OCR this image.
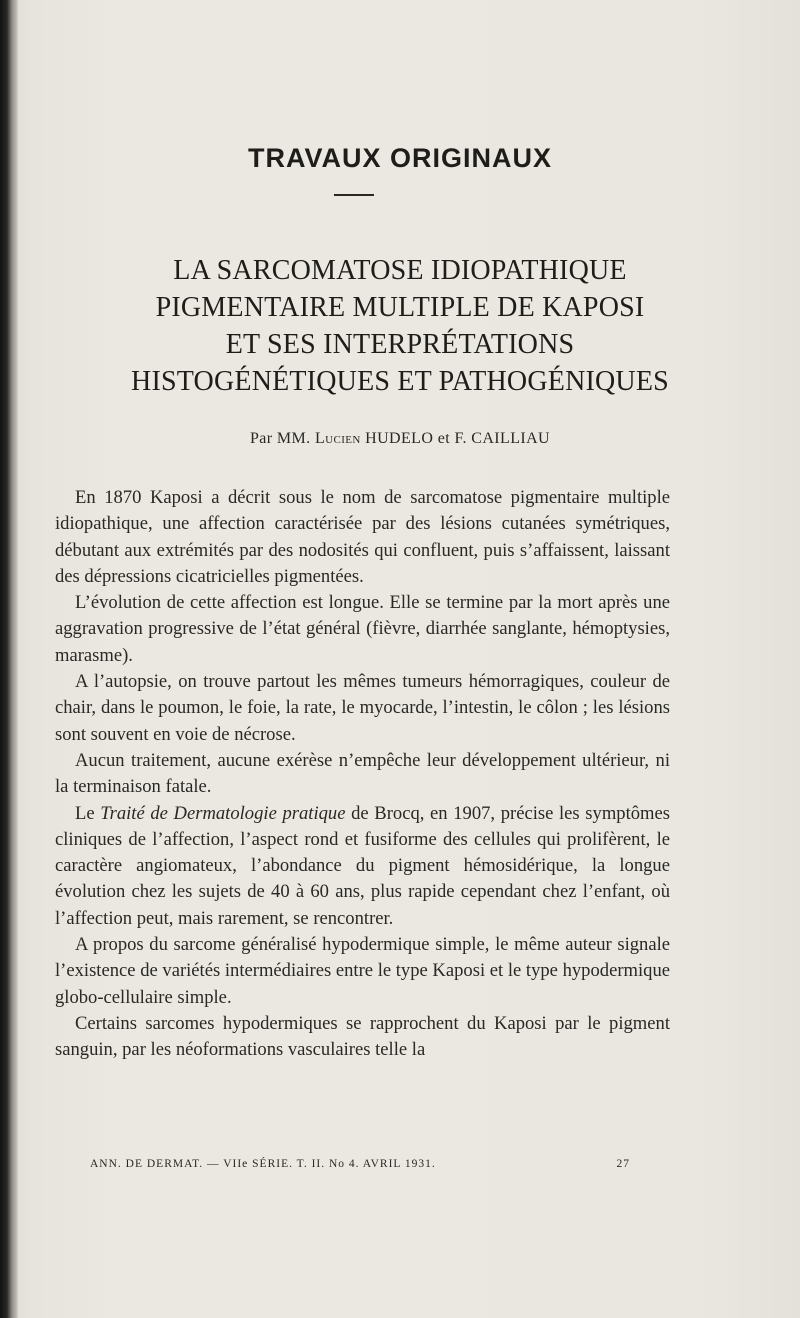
TRAVAUX ORIGINAUX
LA SARCOMATOSE IDIOPATHIQUE
PIGMENTAIRE MULTIPLE DE KAPOSI
ET SES INTERPRÉTATIONS
HISTOGÉNÉTIQUES ET PATHOGÉNIQUES
Par MM. Lucien HUDELO et F. CAILLIAU

En 1870 Kaposi a décrit sous le nom de sarcomatose pigmentaire multiple idiopathique, une affection caractérisée par des lésions cutanées symétriques, débutant aux extrémités par des nodosités qui confluent, puis s’affaissent, laissant des dépressions cicatricielles pigmentées.

L’évolution de cette affection est longue. Elle se termine par la mort après une aggravation progressive de l’état général (fièvre, diarrhée sanglante, hémoptysies, marasme).

A l’autopsie, on trouve partout les mêmes tumeurs hémorragiques, couleur de chair, dans le poumon, le foie, la rate, le myocarde, l’intestin, le côlon ; les lésions sont souvent en voie de nécrose.

Aucun traitement, aucune exérèse n’empêche leur développement ultérieur, ni la terminaison fatale.

Le Traité de Dermatologie pratique de Brocq, en 1907, précise les symptômes cliniques de l’affection, l’aspect rond et fusiforme des cellules qui prolifèrent, le caractère angiomateux, l’abondance du pigment hémosidérique, la longue évolution chez les sujets de 40 à 60 ans, plus rapide cependant chez l’enfant, où l’affection peut, mais rarement, se rencontrer.

A propos du sarcome généralisé hypodermique simple, le même auteur signale l’existence de variétés intermédiaires entre le type Kaposi et le type hypodermique globo-cellulaire simple.

Certains sarcomes hypodermiques se rapprochent du Kaposi par le pigment sanguin, par les néoformations vasculaires telle la

ANN. DE DERMAT. — VIIe SÉRIE. T. II. No 4. AVRIL 1931.	27
